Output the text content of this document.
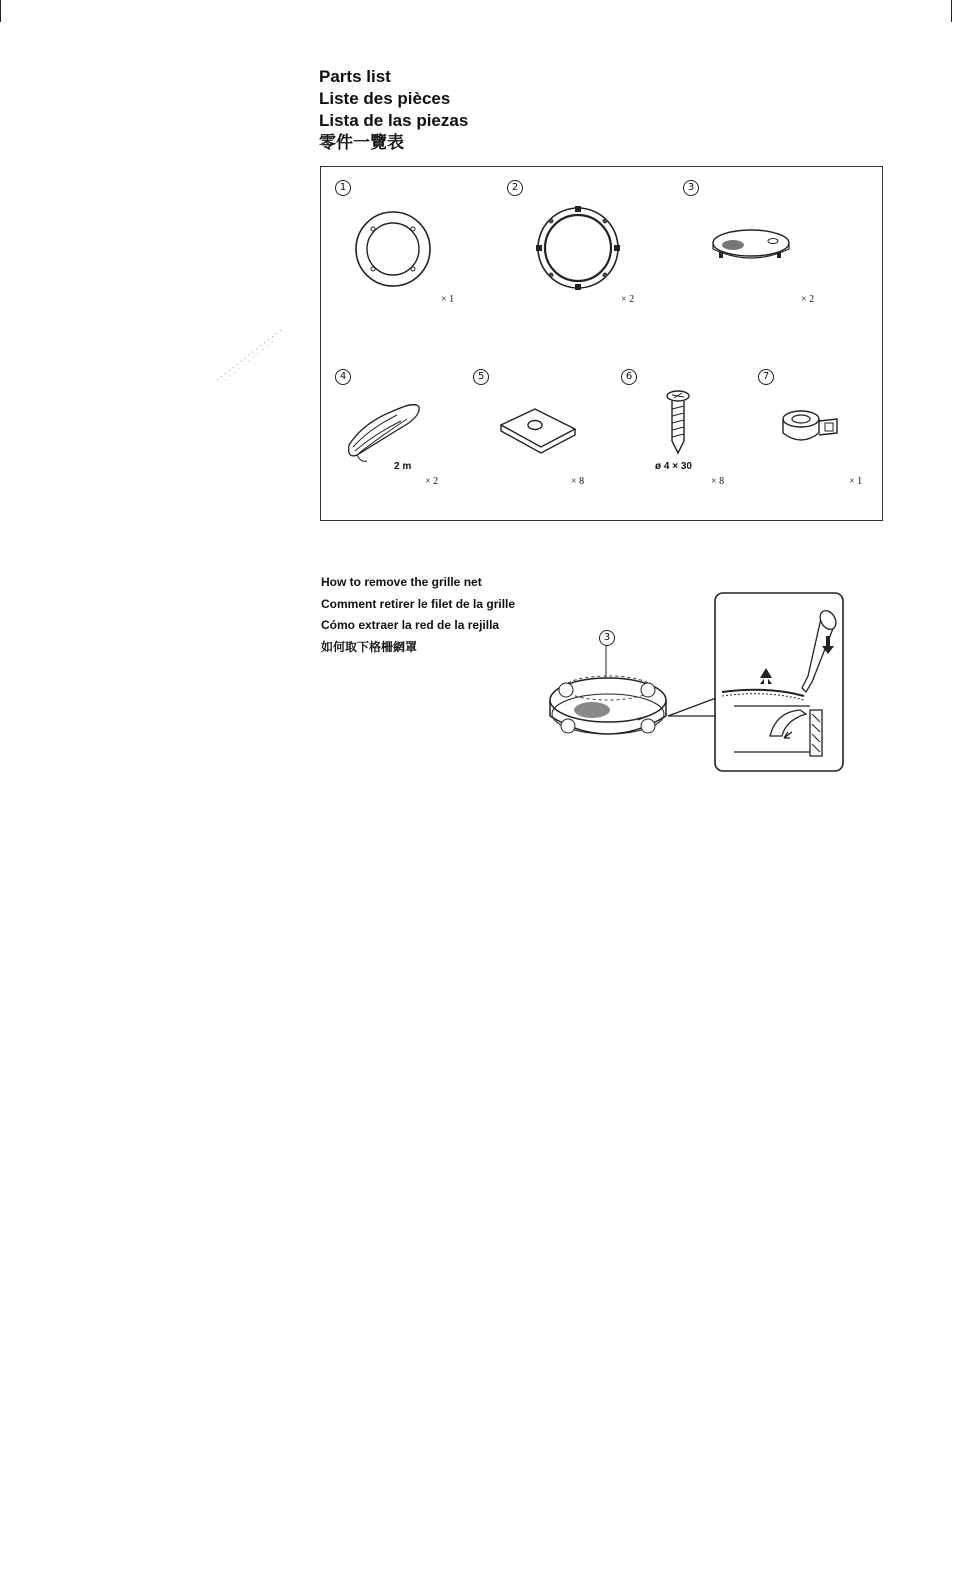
Parts list
Liste des pièces
Lista de las piezas
零件一覽表
1
× 1
2
× 2
3
× 2
4
2 m
× 2
5
× 8
6
ø 4 × 30
× 8
7
× 1
How to remove the grille net
Comment retirer le filet de la grille
Cómo extraer la red de la rejilla
如何取下格柵網罩
3
